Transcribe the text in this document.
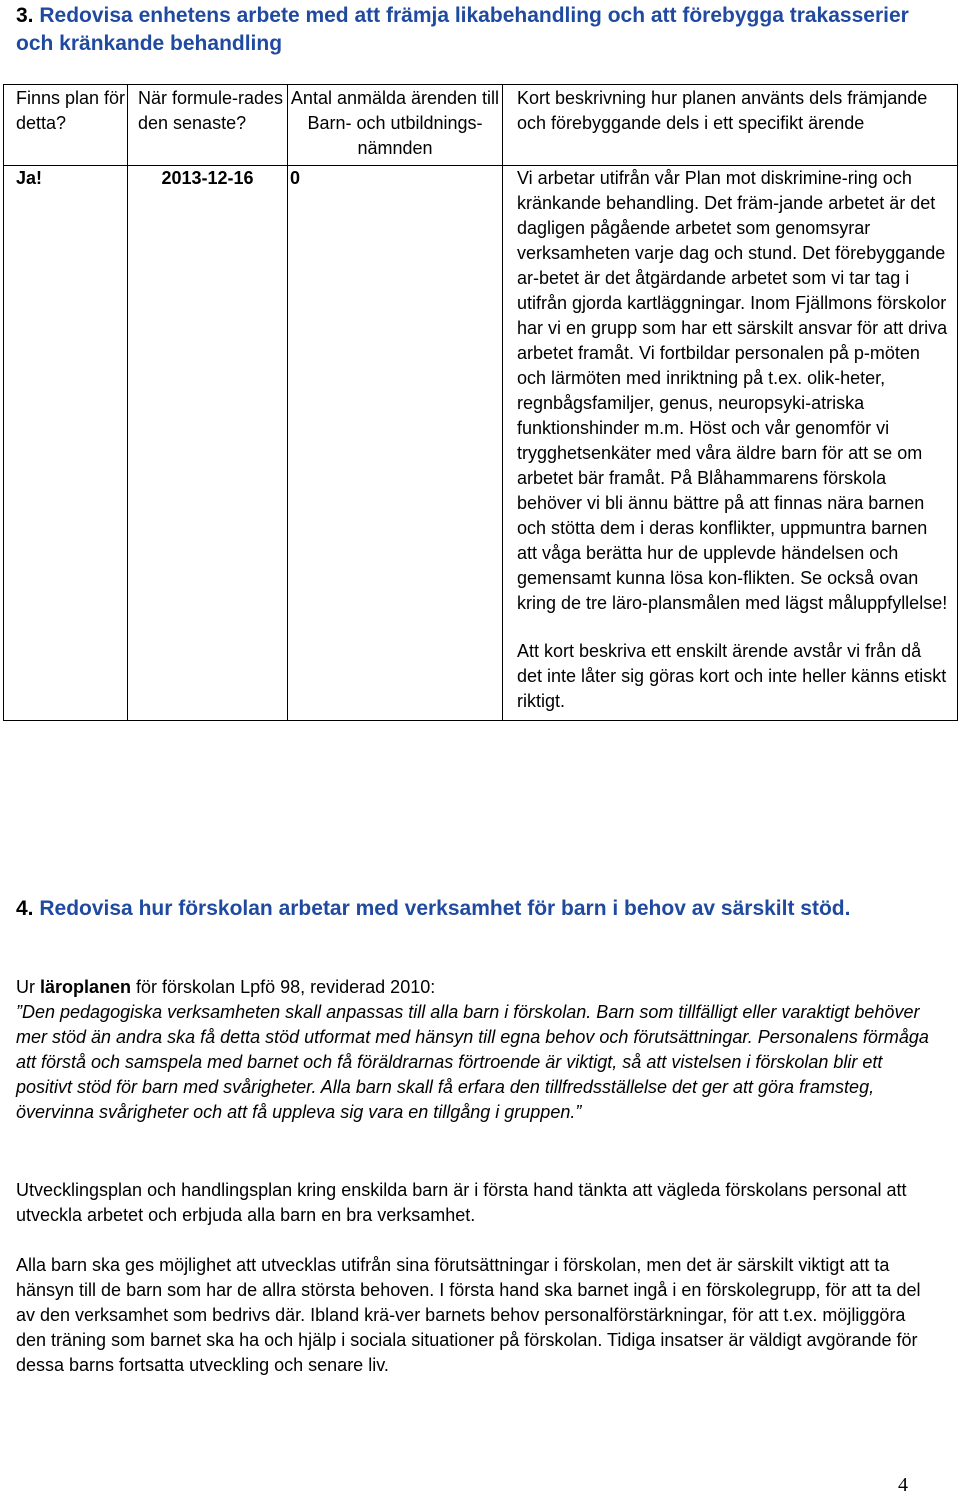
3. Redovisa enhetens arbete med att främja likabehandling och att förebygga trakasserier och kränkande behandling
Finns plan för detta?	När formule-rades den senaste?	Antal anmälda ärenden till Barn- och utbildnings-nämnden	Kort beskrivning hur planen använts dels främjande och förebyggande dels i ett specifikt ärende
Ja!	2013-12-16	0	Vi arbetar utifrån vår Plan mot diskrimine-ring och kränkande behandling. Det främ-jande arbetet är det dagligen pågående arbetet som genomsyrar verksamheten varje dag och stund. Det förebyggande ar-betet är det åtgärdande arbetet som vi tar tag i utifrån gjorda kartläggningar. Inom Fjällmons förskolor har vi en grupp som har ett särskilt ansvar för att driva arbetet framåt. Vi fortbildar personalen på p-möten och lärmöten med inriktning på t.ex. olik-heter, regnbågsfamiljer, genus, neuropsyki-atriska funktionshinder m.m. Höst och vår genomför vi trygghetsenkäter med våra äldre barn för att se om arbetet bär framåt. På Blåhammarens förskola behöver vi bli ännu bättre på att finnas nära barnen och stötta dem i deras konflikter, uppmuntra barnen att våga berätta hur de upplevde händelsen och gemensamt kunna lösa kon-flikten. Se också ovan kring de tre läro-plansmålen med lägst måluppfyllelse!
Att kort beskriva ett enskilt ärende avstår vi från då det inte låter sig göras kort och inte heller känns etiskt riktigt.
4. Redovisa hur förskolan arbetar med verksamhet för barn i behov av särskilt stöd.
Ur läroplanen för förskolan Lpfö 98, reviderad 2010:
”Den pedagogiska verksamheten skall anpassas till alla barn i förskolan. Barn som tillfälligt eller varaktigt behöver mer stöd än andra ska få detta stöd utformat med hänsyn till egna behov och förutsättningar. Personalens förmåga att förstå och samspela med barnet och få föräldrarnas förtroende är viktigt, så att vistelsen i förskolan blir ett positivt stöd för barn med svårigheter. Alla barn skall få erfara den tillfredsställelse det ger att göra framsteg, övervinna svårigheter och att få uppleva sig vara en tillgång i gruppen.”

Utvecklingsplan och handlingsplan kring enskilda barn är i första hand tänkta att vägleda förskolans personal att utveckla arbetet och erbjuda alla barn en bra verksamhet.

Alla barn ska ges möjlighet att utvecklas utifrån sina förutsättningar i förskolan, men det är särskilt viktigt att ta hänsyn till de barn som har de allra största behoven. I första hand ska barnet ingå i en förskolegrupp, för att ta del av den verksamhet som bedrivs där. Ibland krä-ver barnets behov personalförstärkningar, för att t.ex. möjliggöra den träning som barnet ska ha och hjälp i sociala situationer på förskolan. Tidiga insatser är väldigt avgörande för dessa barns fortsatta utveckling och senare liv.

4
